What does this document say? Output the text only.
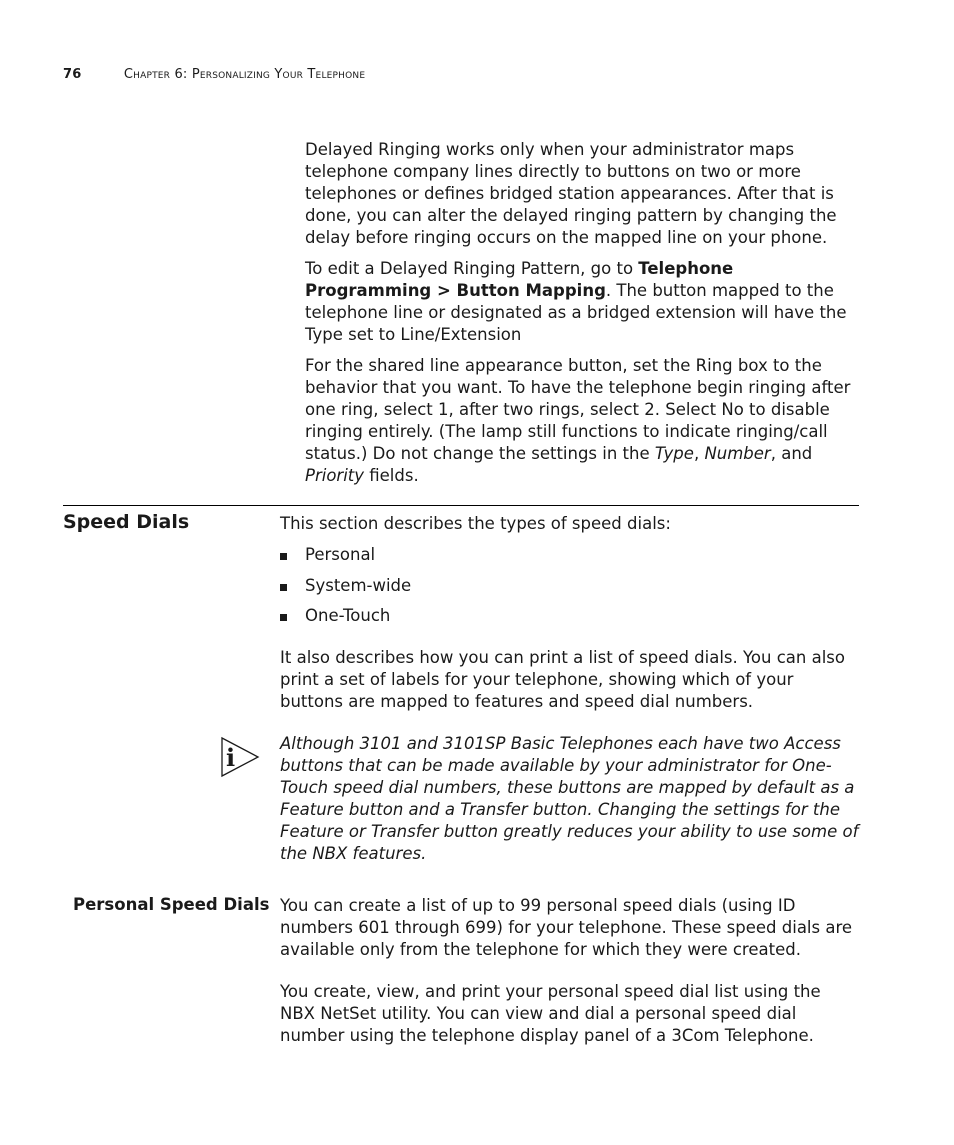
76	Chapter 6: Personalizing Your Telephone

Delayed Ringing works only when your administrator maps telephone company lines directly to buttons on two or more telephones or defines bridged station appearances. After that is done, you can alter the delayed ringing pattern by changing the delay before ringing occurs on the mapped line on your phone.

To edit a Delayed Ringing Pattern, go to Telephone Programming > Button Mapping. The button mapped to the telephone line or designated as a bridged extension will have the Type set to Line/Extension

For the shared line appearance button, set the Ring box to the behavior that you want. To have the telephone begin ringing after one ring, select 1, after two rings, select 2. Select No to disable ringing entirely. (The lamp still functions to indicate ringing/call status.) Do not change the settings in the Type, Number, and Priority fields.

Speed Dials	This section describes the types of speed dials:

Personal
System-wide
One-Touch

It also describes how you can print a list of speed dials. You can also print a set of labels for your telephone, showing which of your buttons are mapped to features and speed dial numbers.

i	Although 3101 and 3101SP Basic Telephones each have two Access buttons that can be made available by your administrator for One-Touch speed dial numbers, these buttons are mapped by default as a Feature button and a Transfer button. Changing the settings for the Feature or Transfer button greatly reduces your ability to use some of the NBX features.

Personal Speed Dials You can create a list of up to 99 personal speed dials (using ID numbers 601 through 699) for your telephone. These speed dials are available only from the telephone for which they were created.

You create, view, and print your personal speed dial list using the NBX NetSet utility. You can view and dial a personal speed dial number using the telephone display panel of a 3Com Telephone.
